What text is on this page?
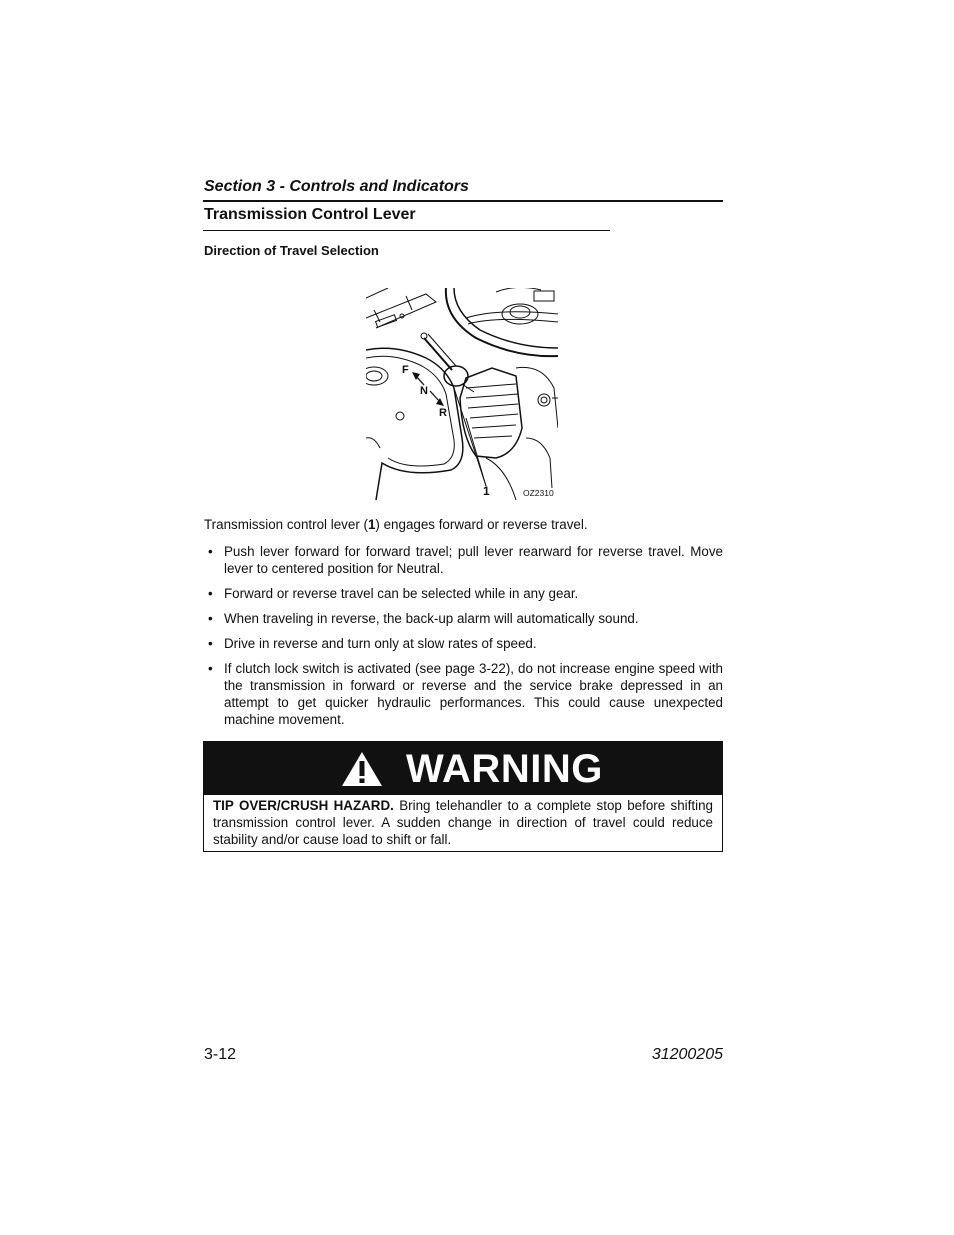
Section 3 - Controls and Indicators
Transmission Control Lever
Direction of Travel Selection
F
N
R
1	OZ2310
Transmission control lever (1) engages forward or reverse travel.
• Push lever forward for forward travel; pull lever rearward for reverse travel. Move lever to centered position for Neutral.
• Forward or reverse travel can be selected while in any gear.
• When traveling in reverse, the back-up alarm will automatically sound.
• Drive in reverse and turn only at slow rates of speed.
• If clutch lock switch is activated (see page 3-22), do not increase engine speed with the transmission in forward or reverse and the service brake depressed in an attempt to get quicker hydraulic performances. This could cause unexpected machine movement.
WARNING
TIP OVER/CRUSH HAZARD. Bring telehandler to a complete stop before shifting transmission control lever. A sudden change in direction of travel could reduce stability and/or cause load to shift or fall.
3-12	31200205
